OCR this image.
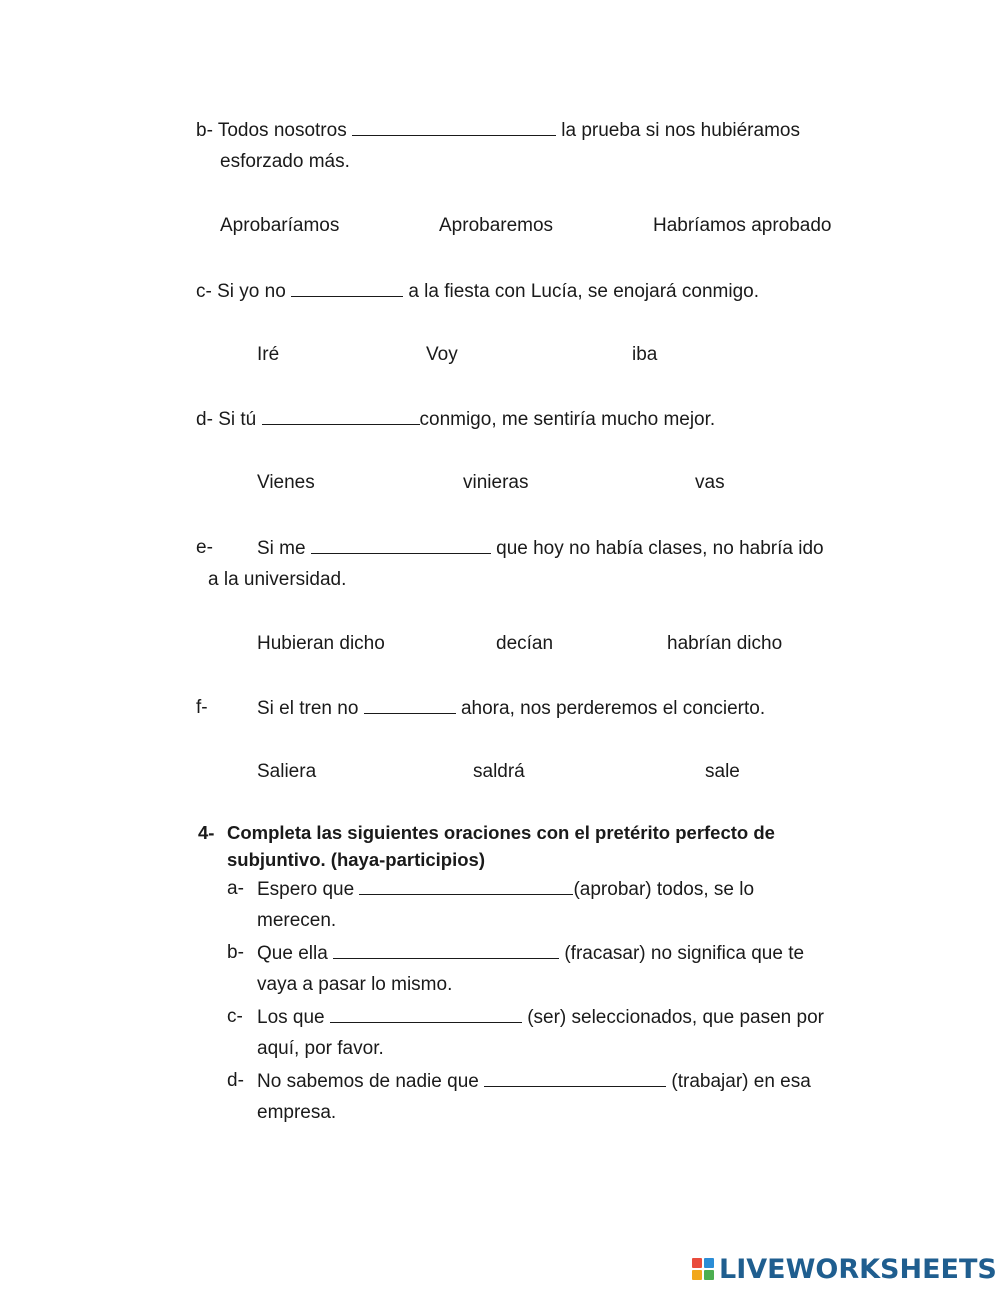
b- Todos nosotros	la prueba si nos hubiéramos
esforzado más.
Aprobaríamos	Aprobaremos	Habríamos aprobado
c- Si yo no	a la fiesta con Lucía, se enojará conmigo.
Iré	Voy	iba
d- Si tú	conmigo, me sentiría mucho mejor.
Vienes	vinieras	vas
e- Si me	que hoy no había clases, no habría ido
a la universidad.
Hubieran dicho	decían	habrían dicho
f-	Si el tren no	ahora, nos perderemos el concierto.
Saliera	saldrá	sale
4- Completa las siguientes oraciones con el pretérito perfecto de
subjuntivo. (haya-participios)
a- Espero que	(aprobar) todos, se lo
merecen.
b- Que ella	(fracasar) no significa que te
vaya a pasar lo mismo.
c- Los que	(ser) seleccionados, que pasen por
aquí, por favor.
d- No sabemos de nadie que	(trabajar) en esa
empresa.
LIVEWORKSHEETS
